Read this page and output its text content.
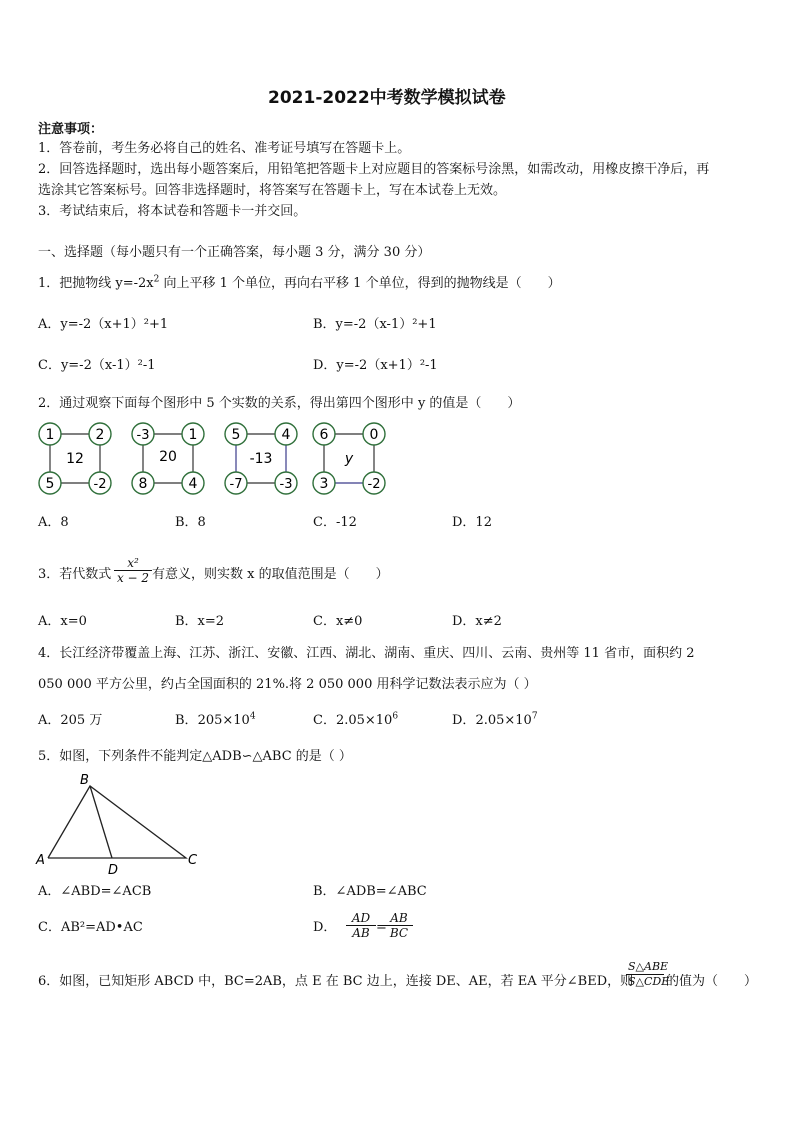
2021-2022中考数学模拟试卷
注意事项：
1．答卷前，考生务必将自己的姓名、准考证号填写在答题卡上。
2．回答选择题时，选出每小题答案后，用铅笔把答题卡上对应题目的答案标号涂黑，如需改动，用橡皮擦干净后，再
选涂其它答案标号。回答非选择题时，将答案写在答题卡上，写在本试卷上无效。
3．考试结束后，将本试卷和答题卡一并交回。
一、选择题（每小题只有一个正确答案，每小题 3 分，满分 30 分）
1．把抛物线 $y=-2x^2$ 向上平移 1 个单位，再向右平移 1 个单位，得到的抛物线是（　　）
A．y=-2（x+1）²+1	B．y=-2（x-1）²+1
C．y=-2（x-1）²-1	D．y=-2（x+1）²-1
2．通过观察下面每个图形中 5 个实数的关系，得出第四个图形中 y 的值是（　　）
1	2
5	-2
12
-3	1
8	4
20
5	4
-7	-3
-13
6	0
3	-2
y
A．8	B．8	C．-12	D．12
3．若代数式 $\frac{\text{x²}}{x - 2}$ 有意义，则实数 x 的取值范围是（　　）
A．x=0	B．x=2	C．x≠0	D．x≠2
4．长江经济带覆盖上海、江苏、浙江、安徽、江西、湖北、湖南、重庆、四川、云南、贵州等 11 省市，面积约 2
050 000 平方公里，约占全国面积的 21%.将 2 050 000 用科学记数法表示应为（ ）
A．205 万	B．$205\times 10^4$	C．$2.05\times 10^6$	D．$2.05\times 10^7$
5．如图，下列条件不能判定△ADB∽△ABC 的是（ ）
B
A
D
C
A．∠ABD=∠ACB	B．∠ADB=∠ABC
C．AB²=AD•AC	D． $\frac{AD}{AB}$ =
$\frac{AB}{BC}$
6．如图，已知矩形 ABCD 中，BC=2AB，点 E 在 BC 边上，连接 DE、AE，若 EA 平分∠BED，则
S△ABE
S△CDE
的值为（　　）
